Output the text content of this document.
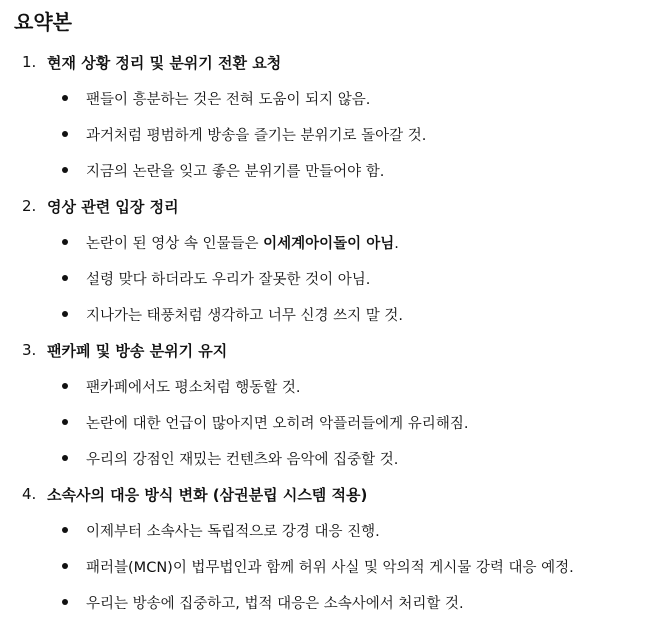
요약본
1. 현재 상황 정리 및 분위기 전환 요청
팬들이 흥분하는 것은 전혀 도움이 되지 않음.
과거처럼 평범하게 방송을 즐기는 분위기로 돌아갈 것.
지금의 논란을 잊고 좋은 분위기를 만들어야 함.
2. 영상 관련 입장 정리
논란이 된 영상 속 인물들은 이세계아이돌이 아님.
설령 맞다 하더라도 우리가 잘못한 것이 아님.
지나가는 태풍처럼 생각하고 너무 신경 쓰지 말 것.
3. 팬카페 및 방송 분위기 유지
팬카페에서도 평소처럼 행동할 것.
논란에 대한 언급이 많아지면 오히려 악플러들에게 유리해짐.
우리의 강점인 재밌는 컨텐츠와 음악에 집중할 것.
4. 소속사의 대응 방식 변화 (삼권분립 시스템 적용)
이제부터 소속사는 독립적으로 강경 대응 진행.
패러블(MCN)이 법무법인과 함께 허위 사실 및 악의적 게시물 강력 대응 예정.
우리는 방송에 집중하고, 법적 대응은 소속사에서 처리할 것.
